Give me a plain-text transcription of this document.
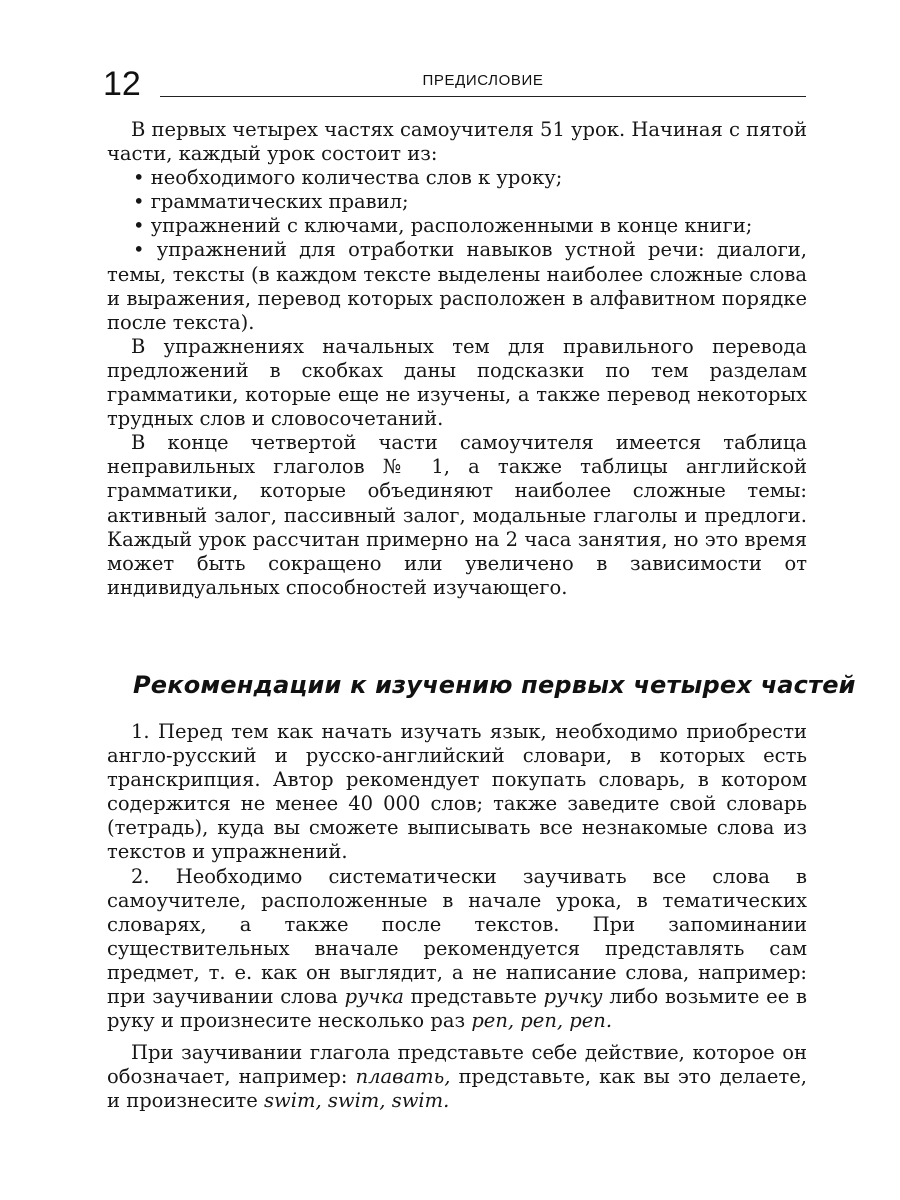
12	ПРЕДИСЛОВИЕ

В первых четырех частях самоучителя 51 урок. Начиная с пятой части, каждый урок состоит из:

• необходимого количества слов к уроку;

• грамматических правил;

• упражнений с ключами, расположенными в конце книги;

• упражнений для отработки навыков устной речи: диалоги, темы, тексты (в каждом тексте выделены наиболее сложные слова и выражения, перевод которых расположен в алфавитном порядке после текста).

В упражнениях начальных тем для правильного перевода предложений в скобках даны подсказки по тем разделам грамматики, которые еще не изучены, а также перевод некоторых трудных слов и словосочетаний.

В конце четвертой части самоучителя имеется таблица неправильных глаголов № 1, а также таблицы английской грамматики, которые объединяют наиболее сложные темы: активный залог, пассивный залог, модальные глаголы и предлоги. Каждый урок рассчитан примерно на 2 часа занятия, но это время может быть сокращено или увеличено в зависимости от индивидуальных способностей изучающего.

Рекомендации к изучению первых четырех частей

1. Перед тем как начать изучать язык, необходимо приобрести англо-русский и русско-английский словари, в которых есть транскрипция. Автор рекомендует покупать словарь, в котором содержится не менее 40 000 слов; также заведите свой словарь (тетрадь), куда вы сможете выписывать все незнакомые слова из текстов и упражнений.

2. Необходимо систематически заучивать все слова в самоучителе, расположенные в начале урока, в тематических словарях, а также после текстов. При запоминании существительных вначале рекомендуется представлять сам предмет, т. е. как он выглядит, а не написание слова, например: при заучивании слова ручка представьте ручку либо возьмите ее в руку и произнесите несколько раз pen, pen, pen.

При заучивании глагола представьте себе действие, которое он обозначает, например: плавать, представьте, как вы это делаете, и произнесите swim, swim, swim.
